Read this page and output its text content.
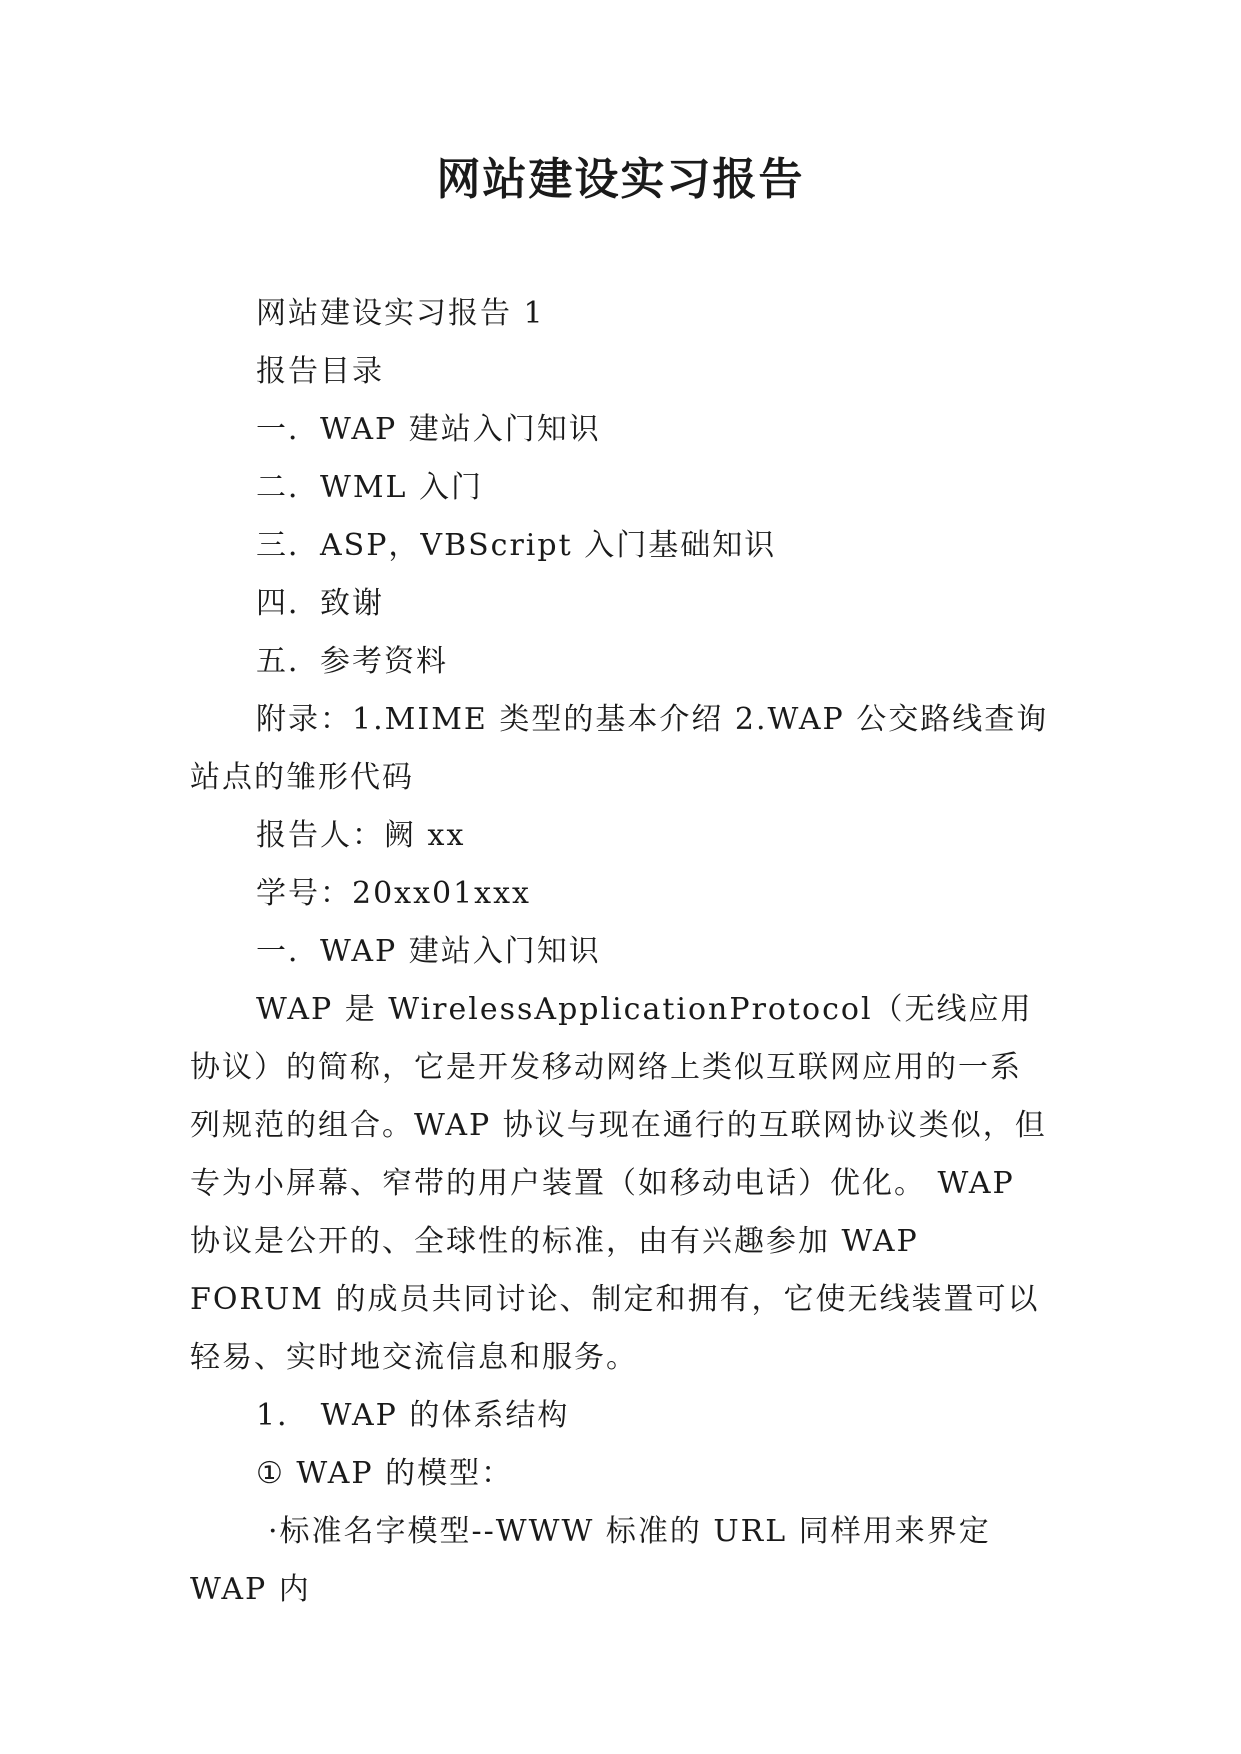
网站建设实习报告

网站建设实习报告 1

报告目录

一．WAP 建站入门知识

二．WML 入门

三．ASP，VBScript 入门基础知识

四．致谢

五．参考资料

附录：1.MIME 类型的基本介绍 2.WAP 公交路线查询站点的雏形代码

报告人：阙 xx

学号：20xx01xxx

一．WAP 建站入门知识

WAP 是 WirelessApplicationProtocol（无线应用协议）的简称，它是开发移动网络上类似互联网应用的一系列规范的组合。WAP 协议与现在通行的互联网协议类似，但专为小屏幕、窄带的用户装置（如移动电话）优化。 WAP 协议是公开的、全球性的标准，由有兴趣参加 WAP FORUM 的成员共同讨论、制定和拥有，它使无线装置可以轻易、实时地交流信息和服务。

1． WAP 的体系结构

① WAP 的模型：

·标准名字模型--WWW 标准的 URL 同样用来界定 WAP 内
